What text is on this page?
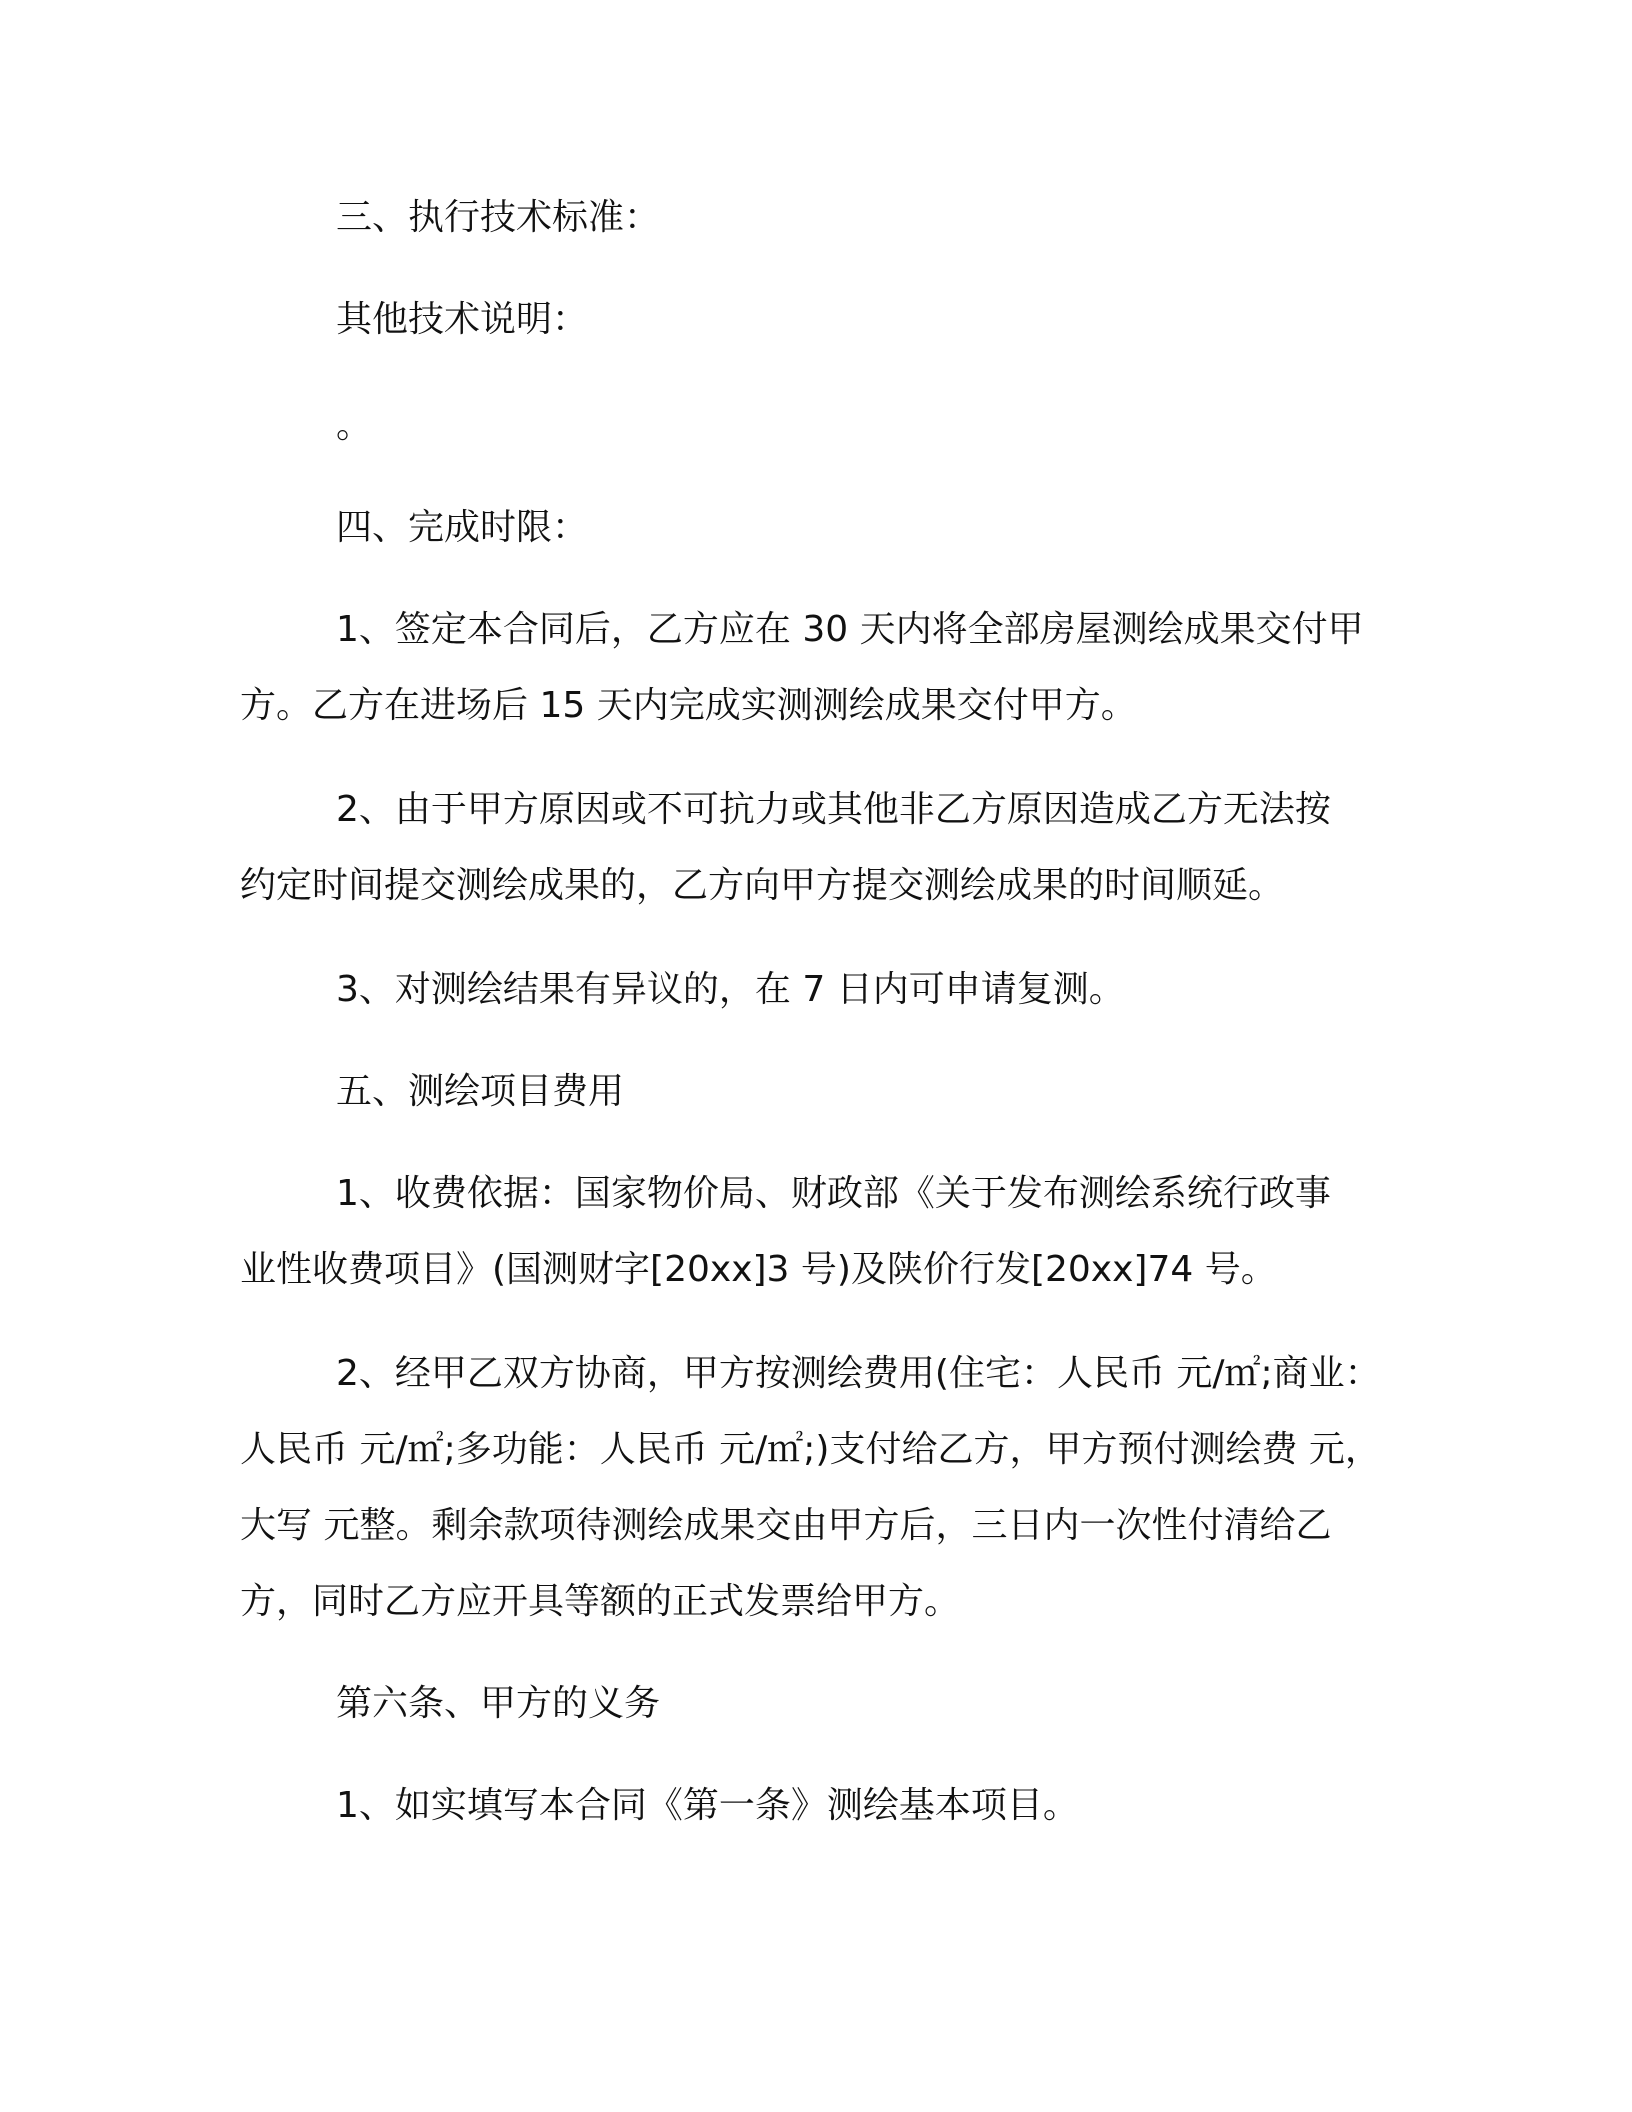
三、执行技术标准：
其他技术说明：
。
四、完成时限：
1、签定本合同后，乙方应在 30 天内将全部房屋测绘成果交付甲
方。乙方在进场后 15 天内完成实测测绘成果交付甲方。
2、由于甲方原因或不可抗力或其他非乙方原因造成乙方无法按
约定时间提交测绘成果的，乙方向甲方提交测绘成果的时间顺延。
3、对测绘结果有异议的，在 7 日内可申请复测。
五、测绘项目费用
1、收费依据：国家物价局、财政部《关于发布测绘系统行政事
业性收费项目》(国测财字[20xx]3 号)及陕价行发[20xx]74 号。
2、经甲乙双方协商，甲方按测绘费用(住宅：人民币 元/㎡;商业：
人民币 元/㎡;多功能：人民币 元/㎡;)支付给乙方，甲方预付测绘费 元，
大写 元整。剩余款项待测绘成果交由甲方后，三日内一次性付清给乙
方，同时乙方应开具等额的正式发票给甲方。
第六条、甲方的义务
1、如实填写本合同《第一条》测绘基本项目。
